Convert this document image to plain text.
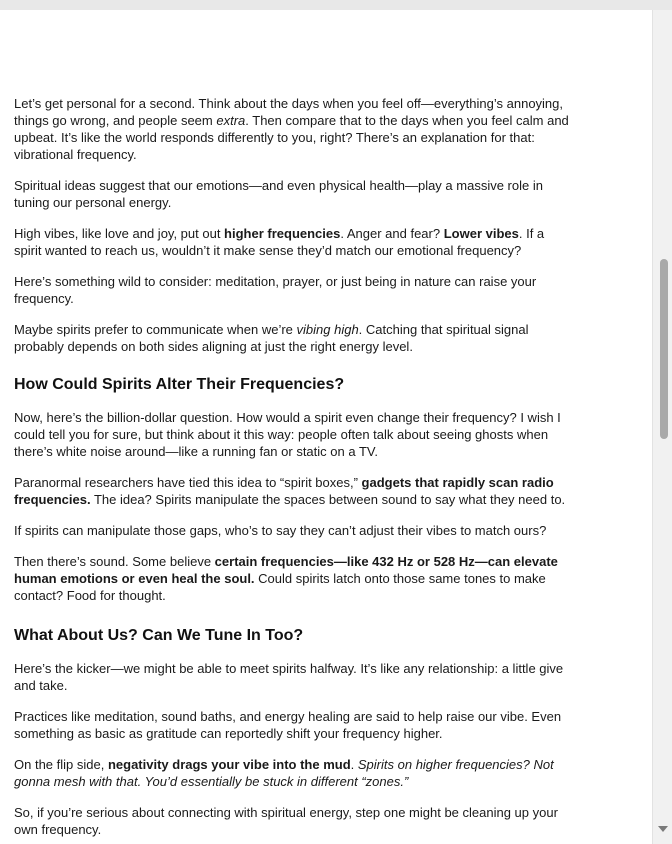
Let’s get personal for a second. Think about the days when you feel off—everything’s annoying, things go wrong, and people seem extra. Then compare that to the days when you feel calm and upbeat. It’s like the world responds differently to you, right? There’s an explanation for that: vibrational frequency.

Spiritual ideas suggest that our emotions—and even physical health—play a massive role in tuning our personal energy.

High vibes, like love and joy, put out higher frequencies. Anger and fear? Lower vibes. If a spirit wanted to reach us, wouldn’t it make sense they’d match our emotional frequency?

Here’s something wild to consider: meditation, prayer, or just being in nature can raise your frequency.

Maybe spirits prefer to communicate when we’re vibing high. Catching that spiritual signal probably depends on both sides aligning at just the right energy level.

How Could Spirits Alter Their Frequencies?

Now, here’s the billion-dollar question. How would a spirit even change their frequency? I wish I could tell you for sure, but think about it this way: people often talk about seeing ghosts when there’s white noise around—like a running fan or static on a TV.

Paranormal researchers have tied this idea to “spirit boxes,” gadgets that rapidly scan radio frequencies. The idea? Spirits manipulate the spaces between sound to say what they need to.

If spirits can manipulate those gaps, who’s to say they can’t adjust their vibes to match ours?

Then there’s sound. Some believe certain frequencies—like 432 Hz or 528 Hz—can elevate human emotions or even heal the soul. Could spirits latch onto those same tones to make contact? Food for thought.

What About Us? Can We Tune In Too?

Here’s the kicker—we might be able to meet spirits halfway. It’s like any relationship: a little give and take.

Practices like meditation, sound baths, and energy healing are said to help raise our vibe. Even something as basic as gratitude can reportedly shift your frequency higher.

On the flip side, negativity drags your vibe into the mud. Spirits on higher frequencies? Not gonna mesh with that. You’d essentially be stuck in different “zones.”

So, if you’re serious about connecting with spiritual energy, step one might be cleaning up your own frequency.
